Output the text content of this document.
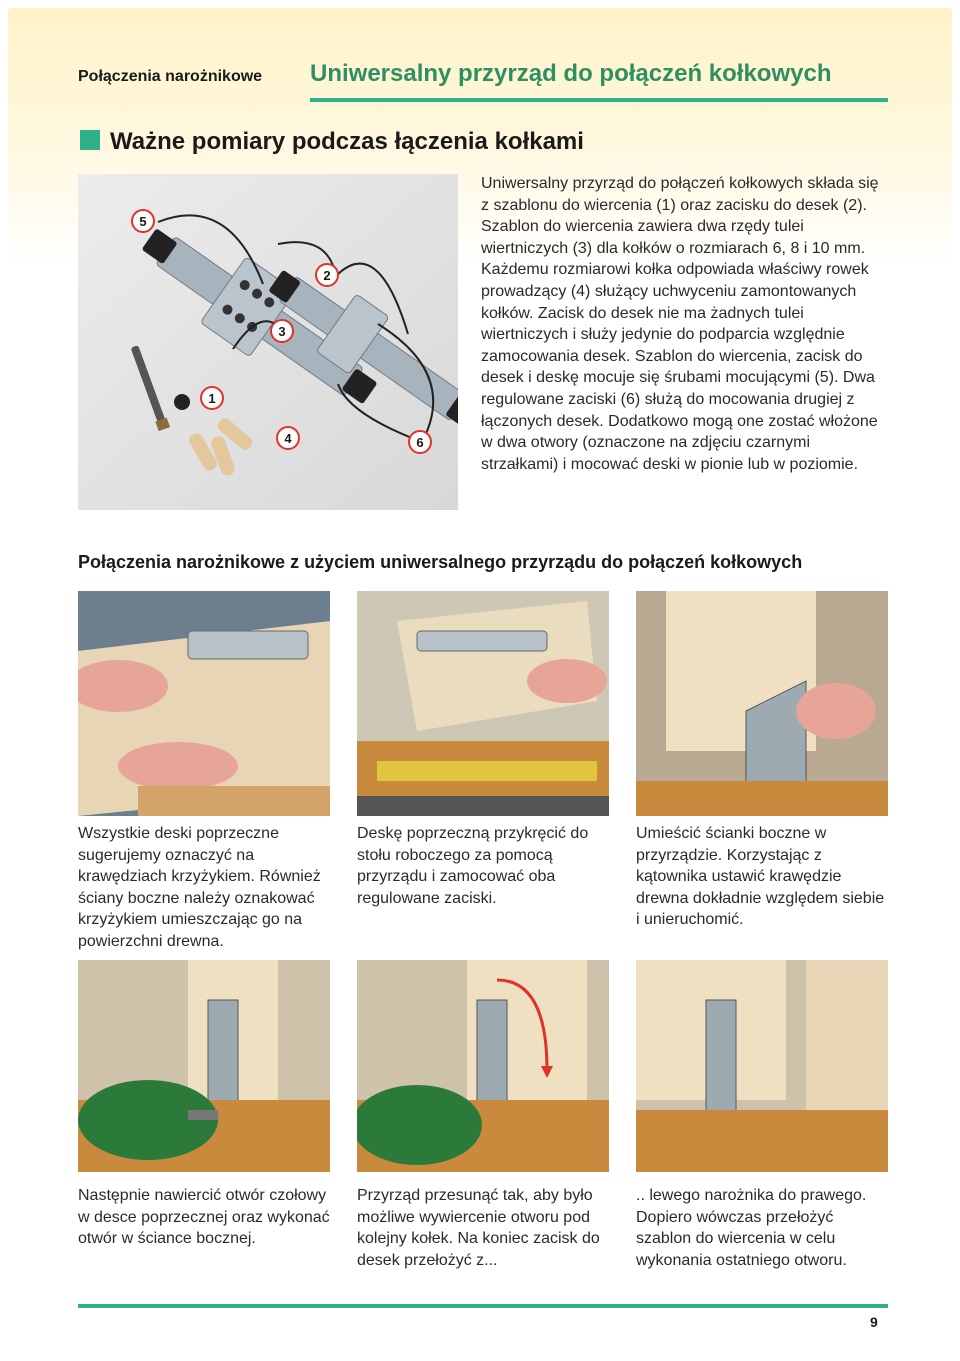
Połączenia narożnikowe Uniwersalny przyrząd do połączeń kołkowych
Ważne pomiary podczas łączenia kołkami
5
2
3
1
4	6
Uniwersalny przyrząd do połączeń kołkowych składa się z szablonu do wiercenia (1) oraz zacisku do desek (2). Szablon do wiercenia zawiera dwa rzędy tulei wiertniczych (3) dla kołków o rozmiarach 6, 8 i 10 mm. Każdemu rozmiarowi kołka odpowiada właściwy rowek prowadzący (4) służący uchwyceniu zamontowanych kołków. Zacisk do desek nie ma żadnych tulei wiertniczych i służy jedynie do podparcia względnie zamocowania desek. Szablon do wiercenia, zacisk do desek i deskę mocuje się śrubami mocującymi (5). Dwa regulowane zaciski (6) służą do mocowania drugiej z łączonych desek. Dodatkowo mogą one zostać włożone w dwa otwory (oznaczone na zdjęciu czarnymi strzałkami) i mocować deski w pionie lub w poziomie.
Połączenia narożnikowe z użyciem uniwersalnego przyrządu do połączeń kołkowych
Wszystkie deski poprzeczne sugerujemy oznaczyć na krawędziach krzyżykiem. Również ściany boczne należy oznakować krzyżykiem umieszczając go na powierzchni drewna.
Deskę poprzeczną przykręcić do stołu roboczego za pomocą przyrządu i zamocować oba regulowane zaciski.
Umieścić ścianki boczne w przyrządzie. Korzystając z kątownika ustawić krawędzie drewna dokładnie względem siebie i unieruchomić.
Następnie nawiercić otwór czołowy w desce poprzecznej oraz wykonać otwór w ściance bocznej.
Przyrząd przesunąć tak, aby było możliwe wywiercenie otworu pod kolejny kołek. Na koniec zacisk do desek przełożyć z...
.. lewego narożnika do prawego. Dopiero wówczas przełożyć szablon do wiercenia w celu wykonania ostatniego otworu.
9
